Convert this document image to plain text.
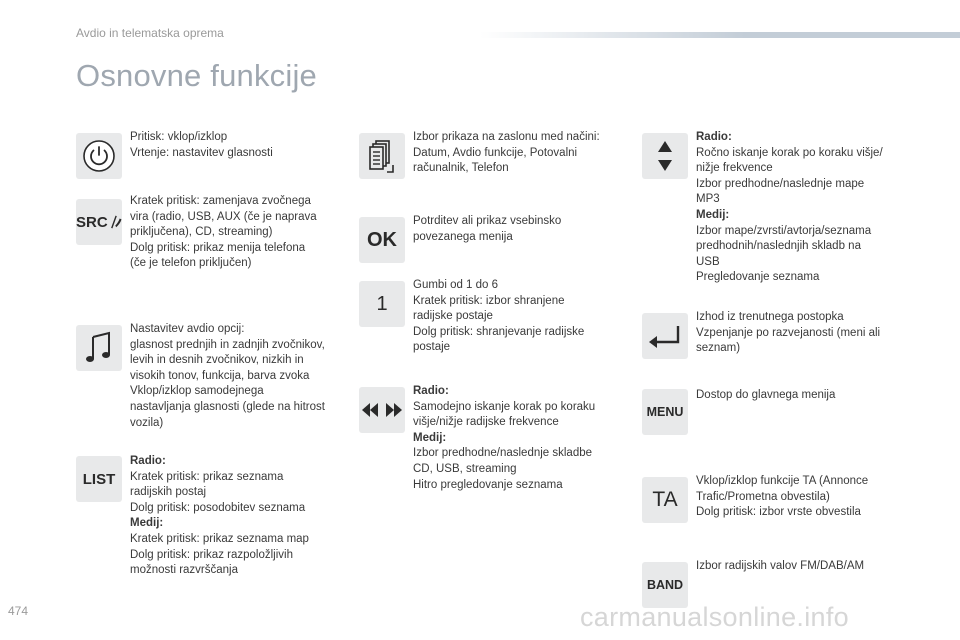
Avdio in telematska oprema
Osnovne funkcije
Pritisk: vklop/izklop
Vrtenje: nastavitev glasnosti
SRC
Kratek pritisk: zamenjava zvočnega
vira (radio, USB, AUX (če je naprava
priključena), CD, streaming)
Dolg pritisk: prikaz menija telefona
(če je telefon priključen)
Nastavitev avdio opcij:
glasnost prednjih in zadnjih zvočnikov,
levih in desnih zvočnikov, nizkih in
visokih tonov, funkcija, barva zvoka
Vklop/izklop samodejnega
nastavljanja glasnosti (glede na hitrost
vozila)
LIST
Radio:
Kratek pritisk: prikaz seznama
radijskih postaj
Dolg pritisk: posodobitev seznama
Medij:
Kratek pritisk: prikaz seznama map
Dolg pritisk: prikaz razpoložljivih
možnosti razvrščanja
Izbor prikaza na zaslonu med načini:
Datum, Avdio funkcije, Potovalni
računalnik, Telefon
OK
Potrditev ali prikaz vsebinsko
povezanega menija
1
Gumbi od 1 do 6
Kratek pritisk: izbor shranjene
radijske postaje
Dolg pritisk: shranjevanje radijske
postaje
Radio:
Samodejno iskanje korak po koraku
višje/nižje radijske frekvence
Medij:
Izbor predhodne/naslednje skladbe
CD, USB, streaming
Hitro pregledovanje seznama
Radio:
Ročno iskanje korak po koraku višje/
nižje frekvence
Izbor predhodne/naslednje mape
MP3
Medij:
Izbor mape/zvrsti/avtorja/seznama
predhodnih/naslednjih skladb na
USB
Pregledovanje seznama
Izhod iz trenutnega postopka
Vzpenjanje po razvejanosti (meni ali
seznam)
MENU
Dostop do glavnega menija
TA
Vklop/izklop funkcije TA (Annonce
Trafic/Prometna obvestila)
Dolg pritisk: izbor vrste obvestila
BAND
Izbor radijskih valov FM/DAB/AM
474	carmanualsonline.info
